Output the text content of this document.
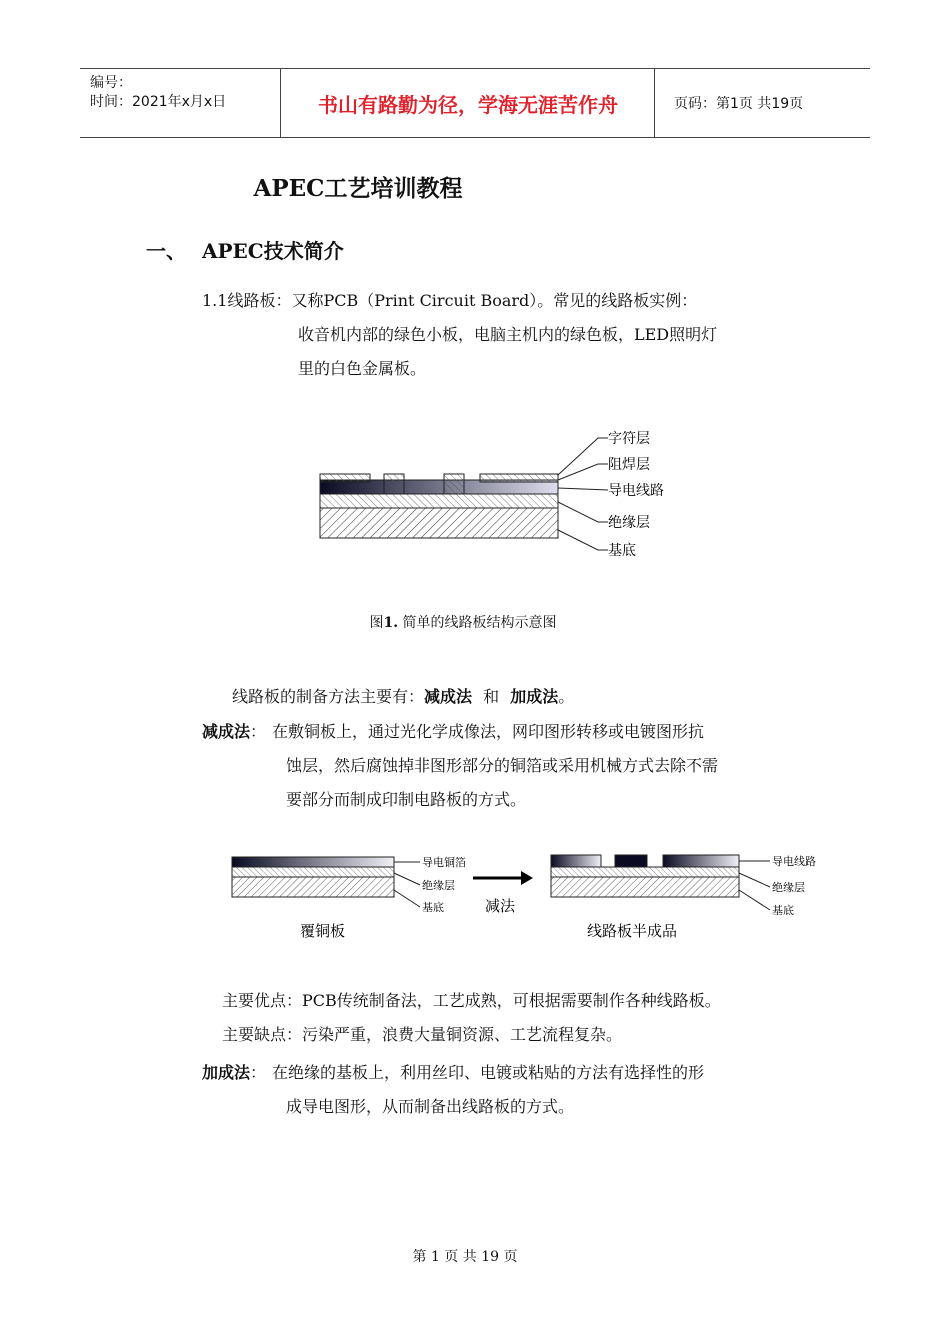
编号：
时间：2021年x月x日	书山有路勤为径，学海无涯苦作舟	页码：第1页 共19页
APEC工艺培训教程
一、 APEC技术简介
1.1线路板：又称PCB（Print Circuit Board）。常见的线路板实例：
收音机内部的绿色小板，电脑主机内的绿色板，LED照明灯
里的白色金属板。
字符层
阻焊层
导电线路
绝缘层
基底
图1. 简单的线路板结构示意图
线路板的制备方法主要有：减成法 和 加成法。
减成法： 在敷铜板上，通过光化学成像法，网印图形转移或电镀图形抗
蚀层，然后腐蚀掉非图形部分的铜箔或采用机械方式去除不需
要部分而制成印制电路板的方式。
导电铜箔
绝缘层
基底	减法
导电线路
绝缘层
基底
覆铜板	线路板半成品
主要优点：PCB传统制备法，工艺成熟，可根据需要制作各种线路板。
主要缺点：污染严重，浪费大量铜资源、工艺流程复杂。
加成法： 在绝缘的基板上，利用丝印、电镀或粘贴的方法有选择性的形
成导电图形，从而制备出线路板的方式。
第 1 页 共 19 页
